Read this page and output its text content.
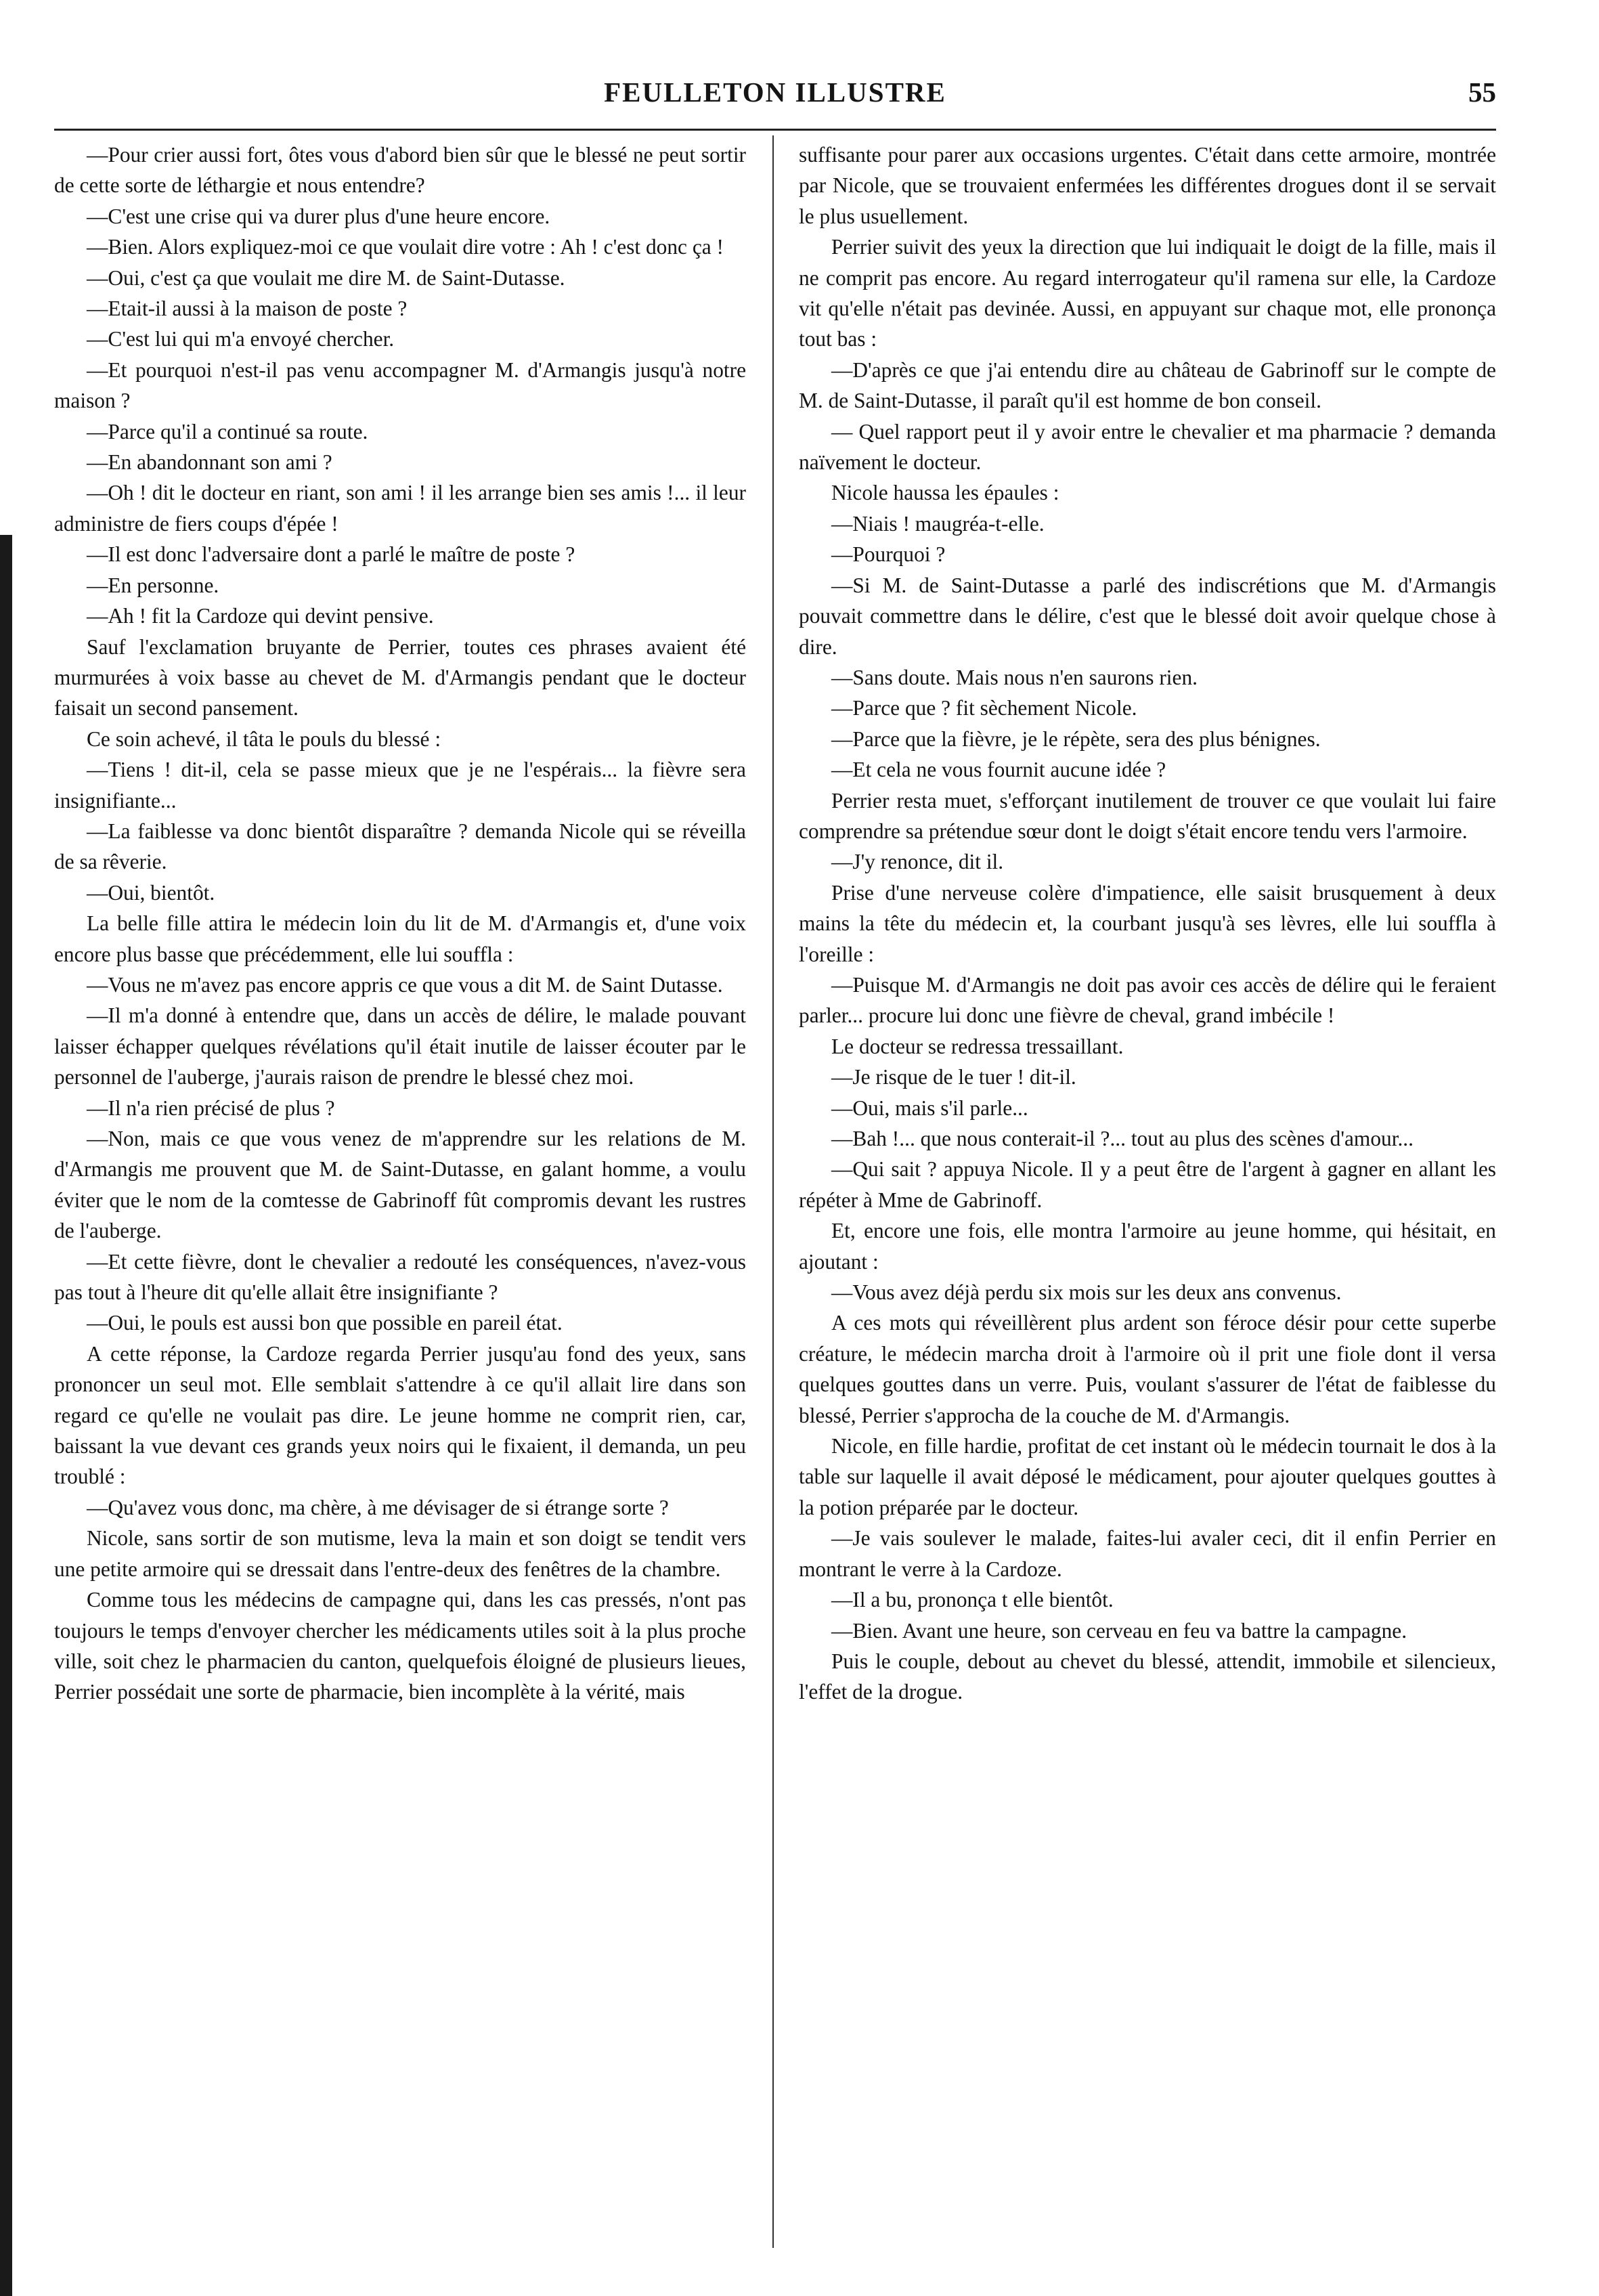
FEULLETON ILLUSTRE	55

—Pour crier aussi fort, ôtes vous d'abord bien sûr que le blessé ne peut sortir de cette sorte de léthargie et nous entendre?

—C'est une crise qui va durer plus d'une heure encore.

—Bien. Alors expliquez-moi ce que voulait dire votre : Ah ! c'est donc ça !

—Oui, c'est ça que voulait me dire M. de Saint-Dutasse.

—Etait-il aussi à la maison de poste ?

—C'est lui qui m'a envoyé chercher.

—Et pourquoi n'est-il pas venu accompagner M. d'Armangis jusqu'à notre maison ?

—Parce qu'il a continué sa route.

—En abandonnant son ami ?

—Oh ! dit le docteur en riant, son ami ! il les arrange bien ses amis !... il leur administre de fiers coups d'épée !

—Il est donc l'adversaire dont a parlé le maître de poste ?

—En personne.

—Ah ! fit la Cardoze qui devint pensive.

Sauf l'exclamation bruyante de Perrier, toutes ces phrases avaient été murmurées à voix basse au chevet de M. d'Armangis pendant que le docteur faisait un second pansement.

Ce soin achevé, il tâta le pouls du blessé :

—Tiens ! dit-il, cela se passe mieux que je ne l'espérais... la fièvre sera insignifiante...

—La faiblesse va donc bientôt disparaître ? demanda Nicole qui se réveilla de sa rêverie.

—Oui, bientôt.

La belle fille attira le médecin loin du lit de M. d'Armangis et, d'une voix encore plus basse que précédemment, elle lui souffla :

—Vous ne m'avez pas encore appris ce que vous a dit M. de Saint Dutasse.

—Il m'a donné à entendre que, dans un accès de délire, le malade pouvant laisser échapper quelques révélations qu'il était inutile de laisser écouter par le personnel de l'auberge, j'aurais raison de prendre le blessé chez moi.

—Il n'a rien précisé de plus ?

—Non, mais ce que vous venez de m'apprendre sur les relations de M. d'Armangis me prouvent que M. de Saint-Dutasse, en galant homme, a voulu éviter que le nom de la comtesse de Gabrinoff fût compromis devant les rustres de l'auberge.

—Et cette fièvre, dont le chevalier a redouté les conséquences, n'avez-vous pas tout à l'heure dit qu'elle allait être insignifiante ?

—Oui, le pouls est aussi bon que possible en pareil état.

A cette réponse, la Cardoze regarda Perrier jusqu'au fond des yeux, sans prononcer un seul mot. Elle semblait s'attendre à ce qu'il allait lire dans son regard ce qu'elle ne voulait pas dire. Le jeune homme ne comprit rien, car, baissant la vue devant ces grands yeux noirs qui le fixaient, il demanda, un peu troublé :

—Qu'avez vous donc, ma chère, à me dévisager de si étrange sorte ?

Nicole, sans sortir de son mutisme, leva la main et son doigt se tendit vers une petite armoire qui se dressait dans l'entre-deux des fenêtres de la chambre.

Comme tous les médecins de campagne qui, dans les cas pressés, n'ont pas toujours le temps d'envoyer chercher les médicaments utiles soit à la plus proche ville, soit chez le pharmacien du canton, quelquefois éloigné de plusieurs lieues, Perrier possédait une sorte de pharmacie, bien incomplète à la vérité, mais

suffisante pour parer aux occasions urgentes. C'était dans cette armoire, montrée par Nicole, que se trouvaient enfermées les différentes drogues dont il se servait le plus usuellement.

Perrier suivit des yeux la direction que lui indiquait le doigt de la fille, mais il ne comprit pas encore. Au regard interrogateur qu'il ramena sur elle, la Cardoze vit qu'elle n'était pas devinée. Aussi, en appuyant sur chaque mot, elle prononça tout bas :

—D'après ce que j'ai entendu dire au château de Gabrinoff sur le compte de M. de Saint-Dutasse, il paraît qu'il est homme de bon conseil.

— Quel rapport peut il y avoir entre le chevalier et ma pharmacie ? demanda naïvement le docteur.

Nicole haussa les épaules :

—Niais ! maugréa-t-elle.

—Pourquoi ?

—Si M. de Saint-Dutasse a parlé des indiscrétions que M. d'Armangis pouvait commettre dans le délire, c'est que le blessé doit avoir quelque chose à dire.

—Sans doute. Mais nous n'en saurons rien.

—Parce que ? fit sèchement Nicole.

—Parce que la fièvre, je le répète, sera des plus bénignes.

—Et cela ne vous fournit aucune idée ?

Perrier resta muet, s'efforçant inutilement de trouver ce que voulait lui faire comprendre sa prétendue sœur dont le doigt s'était encore tendu vers l'armoire.

—J'y renonce, dit il.

Prise d'une nerveuse colère d'impatience, elle saisit brusquement à deux mains la tête du médecin et, la courbant jusqu'à ses lèvres, elle lui souffla à l'oreille :

—Puisque M. d'Armangis ne doit pas avoir ces accès de délire qui le feraient parler... procure lui donc une fièvre de cheval, grand imbécile !

Le docteur se redressa tressaillant.

—Je risque de le tuer ! dit-il.

—Oui, mais s'il parle...

—Bah !... que nous conterait-il ?... tout au plus des scènes d'amour...

—Qui sait ? appuya Nicole. Il y a peut être de l'argent à gagner en allant les répéter à Mme de Gabrinoff.

Et, encore une fois, elle montra l'armoire au jeune homme, qui hésitait, en ajoutant :

—Vous avez déjà perdu six mois sur les deux ans convenus.

A ces mots qui réveillèrent plus ardent son féroce désir pour cette superbe créature, le médecin marcha droit à l'armoire où il prit une fiole dont il versa quelques gouttes dans un verre. Puis, voulant s'assurer de l'état de faiblesse du blessé, Perrier s'approcha de la couche de M. d'Armangis.

Nicole, en fille hardie, profitat de cet instant où le médecin tournait le dos à la table sur laquelle il avait déposé le médicament, pour ajouter quelques gouttes à la potion préparée par le docteur.

—Je vais soulever le malade, faites-lui avaler ceci, dit il enfin Perrier en montrant le verre à la Cardoze.

—Il a bu, prononça t elle bientôt.

—Bien. Avant une heure, son cerveau en feu va battre la campagne.

Puis le couple, debout au chevet du blessé, attendit, immobile et silencieux, l'effet de la drogue.
